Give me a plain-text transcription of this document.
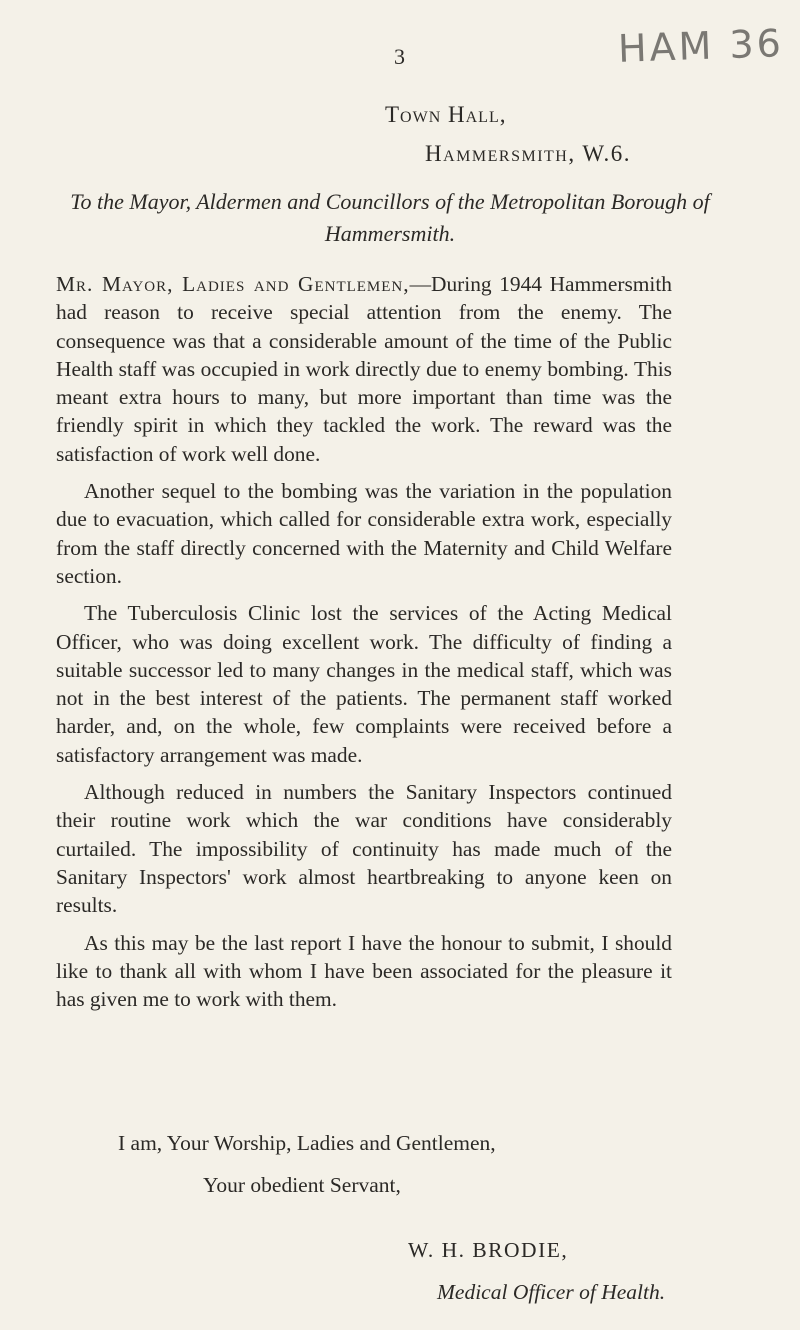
3	HAM 36
Town Hall,
Hammersmith, W.6.
To the Mayor, Aldermen and Councillors of the Metropolitan Borough of Hammersmith.

Mr. Mayor, Ladies and Gentlemen,—During 1944 Hammersmith had reason to receive special attention from the enemy. The consequence was that a considerable amount of the time of the Public Health staff was occupied in work directly due to enemy bombing. This meant extra hours to many, but more important than time was the friendly spirit in which they tackled the work. The reward was the satisfaction of work well done.

Another sequel to the bombing was the variation in the population due to evacuation, which called for considerable extra work, especially from the staff directly concerned with the Maternity and Child Welfare section.

The Tuberculosis Clinic lost the services of the Acting Medical Officer, who was doing excellent work. The difficulty of finding a suitable successor led to many changes in the medical staff, which was not in the best interest of the patients. The permanent staff worked harder, and, on the whole, few complaints were received before a satisfactory arrangement was made.

Although reduced in numbers the Sanitary Inspectors continued their routine work which the war conditions have considerably curtailed. The impossibility of continuity has made much of the Sanitary Inspectors' work almost heartbreaking to anyone keen on results.

As this may be the last report I have the honour to submit, I should like to thank all with whom I have been associated for the pleasure it has given me to work with them.

I am, Your Worship, Ladies and Gentlemen,
Your obedient Servant,
W. H. BRODIE,
Medical Officer of Health.
